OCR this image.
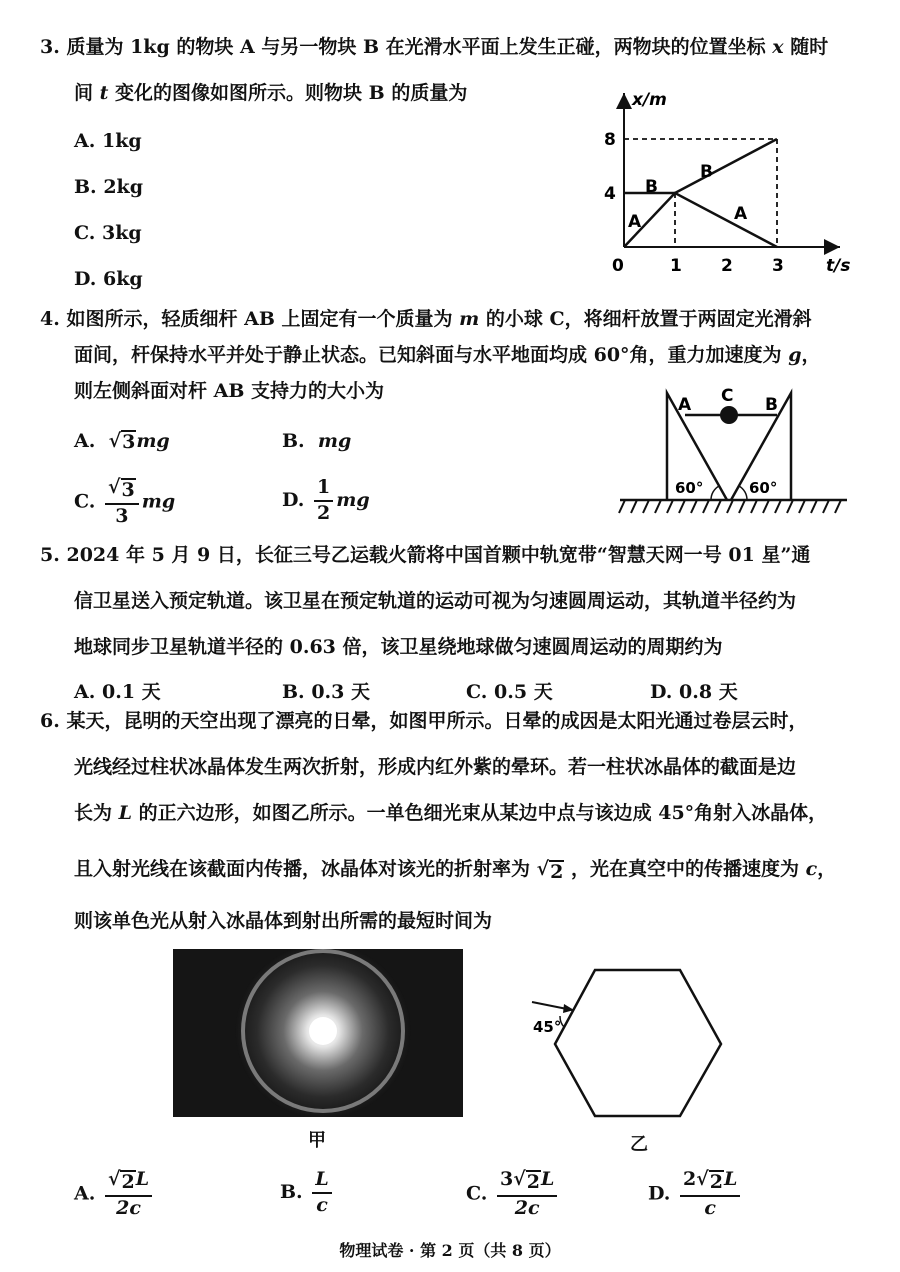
3. 质量为 1kg 的物块 A 与另一物块 B 在光滑水平面上发生正碰，两物块的位置坐标 x 随时
间 t 变化的图像如图所示。则物块 B 的质量为
A. 1kg
B. 2kg
C. 3kg
D. 6kg
0	1 2 3
8
4
x/m
t/s
B
A
B
A
4. 如图所示，轻质细杆 AB 上固定有一个质量为 m 的小球 C，将细杆放置于两固定光滑斜
面间，杆保持水平并处于静止状态。已知斜面与水平地面均成 60°角，重力加速度为 g，
则左侧斜面对杆 AB 支持力的大小为
A. √ 3 mg	B. mg
C. $\frac{√ 3}{3}$ mg	D. $\frac{1}{2}$ mg
A C B
60°	60°
5. 2024 年 5 月 9 日，长征三号乙运载火箭将中国首颗中轨宽带“智慧天网一号 01 星”通
信卫星送入预定轨道。该卫星在预定轨道的运动可视为匀速圆周运动，其轨道半径约为
地球同步卫星轨道半径的 0.63 倍，该卫星绕地球做匀速圆周运动的周期约为
A. 0.1 天	B. 0.3 天	C. 0.5 天	D. 0.8 天
6. 某天，昆明的天空出现了漂亮的日晕，如图甲所示。日晕的成因是太阳光通过卷层云时，
光线经过柱状冰晶体发生两次折射，形成内红外紫的晕环。若一柱状冰晶体的截面是边
长为 L 的正六边形，如图乙所示。一单色细光束从某边中点与该边成 45°角射入冰晶体，
且入射光线在该截面内传播，冰晶体对该光的折射率为 √ 2 ，光在真空中的传播速度为 c，
则该单色光从射入冰晶体到射出所需的最短时间为
甲
45°
乙
A. $\frac{√ 2 L}{2c}$	B. $\frac{L}{c}$	C. $\frac{3√ 2 L}{2c}$	D. $\frac{2√ 2 L}{c}$
物理试卷 · 第 2 页（共 8 页）
